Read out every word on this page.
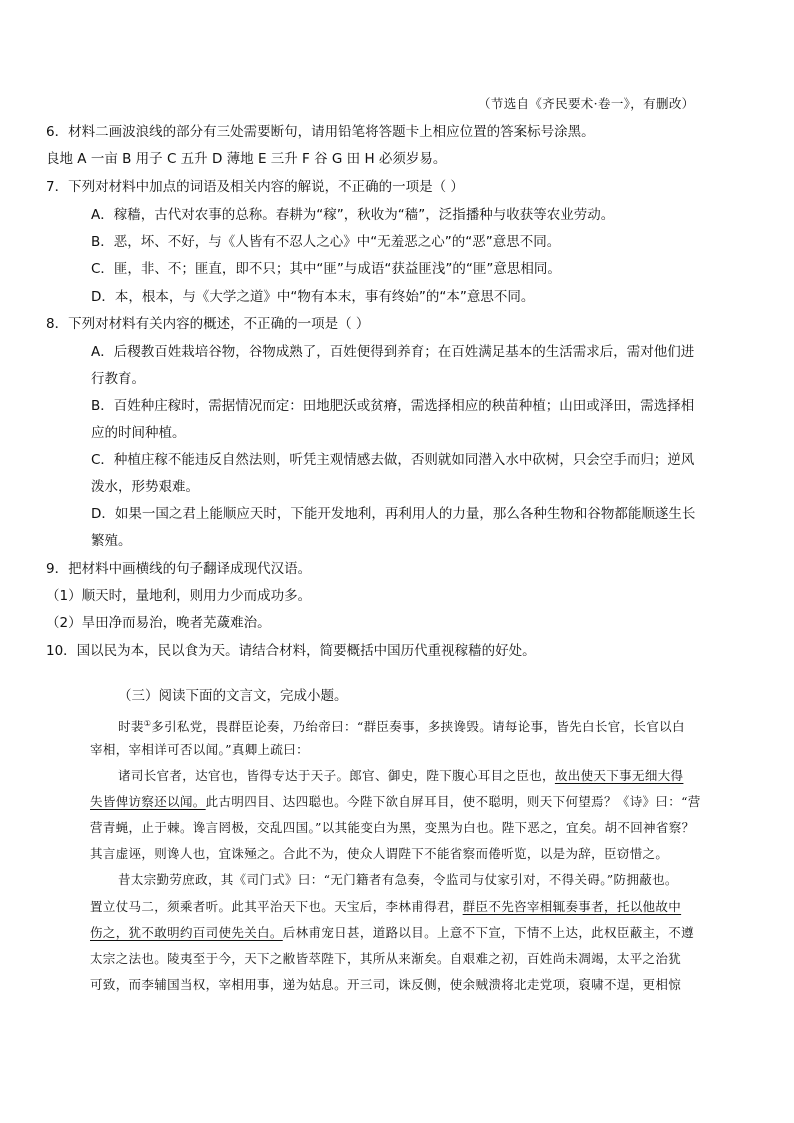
（节选自《齐民要术·卷一》，有删改）
6．材料二画波浪线的部分有三处需要断句，请用铅笔将答题卡上相应位置的答案标号涂黑。
良地 A 一亩 B 用子 C 五升 D 薄地 E 三升 F 谷 G 田 H 必须岁易。
7．下列对材料中加点的词语及相关内容的解说，不正确的一项是（ ）
A．稼穑，古代对农事的总称。春耕为“稼”，秋收为“穑”，泛指播种与收获等农业劳动。
B．恶，坏、不好，与《人皆有不忍人之心》中“无羞恶之心”的“恶”意思不同。
C．匪，非、不；匪直，即不只；其中“匪”与成语“获益匪浅”的“匪”意思相同。
D．本，根本，与《大学之道》中“物有本末，事有终始”的“本”意思不同。
8．下列对材料有关内容的概述，不正确的一项是（ ）
A．后稷教百姓栽培谷物，谷物成熟了，百姓便得到养育；在百姓满足基本的生活需求后，需对他们进
行教育。
B．百姓种庄稼时，需据情况而定：田地肥沃或贫瘠，需选择相应的秧苗种植；山田或泽田，需选择相
应的时间种植。
C．种植庄稼不能违反自然法则，听凭主观情感去做，否则就如同潜入水中砍树，只会空手而归；逆风
泼水，形势艰难。
D．如果一国之君上能顺应天时，下能开发地利，再利用人的力量，那么各种生物和谷物都能顺遂生长
繁殖。
9．把材料中画横线的句子翻译成现代汉语。
（1）顺天时，量地利，则用力少而成功多。
（2）旱田净而易治，晚者芜薉难治。
10．国以民为本，民以食为天。请结合材料，简要概括中国历代重视稼穑的好处。
（三）阅读下面的文言文，完成小题。
时裴①多引私党，畏群臣论奏，乃绐帝曰：“群臣奏事，多挟谗毁。请每论事，皆先白长官，长官以白
宰相，宰相详可否以闻。”真卿上疏曰：
诸司长官者，达官也，皆得专达于天子。郎官、御史，陛下腹心耳目之臣也，故出使天下事无细大得
失皆俾访察还以闻。此古明四目、达四聪也。今陛下欲自屏耳目，使不聪明，则天下何望焉？《诗》曰：“营
营青蝇，止于棘。谗言罔极，交乱四国。”以其能变白为黑，变黑为白也。陛下恶之，宜矣。胡不回神省察？
其言虚诬，则谗人也，宜诛殛之。合此不为，使众人谓陛下不能省察而倦听览，以是为辞，臣窃惜之。
昔太宗勤劳庶政，其《司门式》曰：“无门籍者有急奏，令监司与仗家引对，不得关碍。”防拥蔽也。
置立仗马二，须乘者听。此其平治天下也。天宝后，李林甫得君，群臣不先咨宰相辄奏事者，托以他故中
伤之，犹不敢明约百司使先关白。后林甫宠日甚，道路以目。上意不下宣，下情不上达，此权臣蔽主，不遵
太宗之法也。陵夷至于今，天下之敝皆萃陛下，其所从来渐矣。自艰难之初，百姓尚未凋竭，太平之治犹
可致，而李辅国当权，宰相用事，递为姑息。开三司，诛反侧，使余贼溃将北走党项，裒啸不逞，更相惊
